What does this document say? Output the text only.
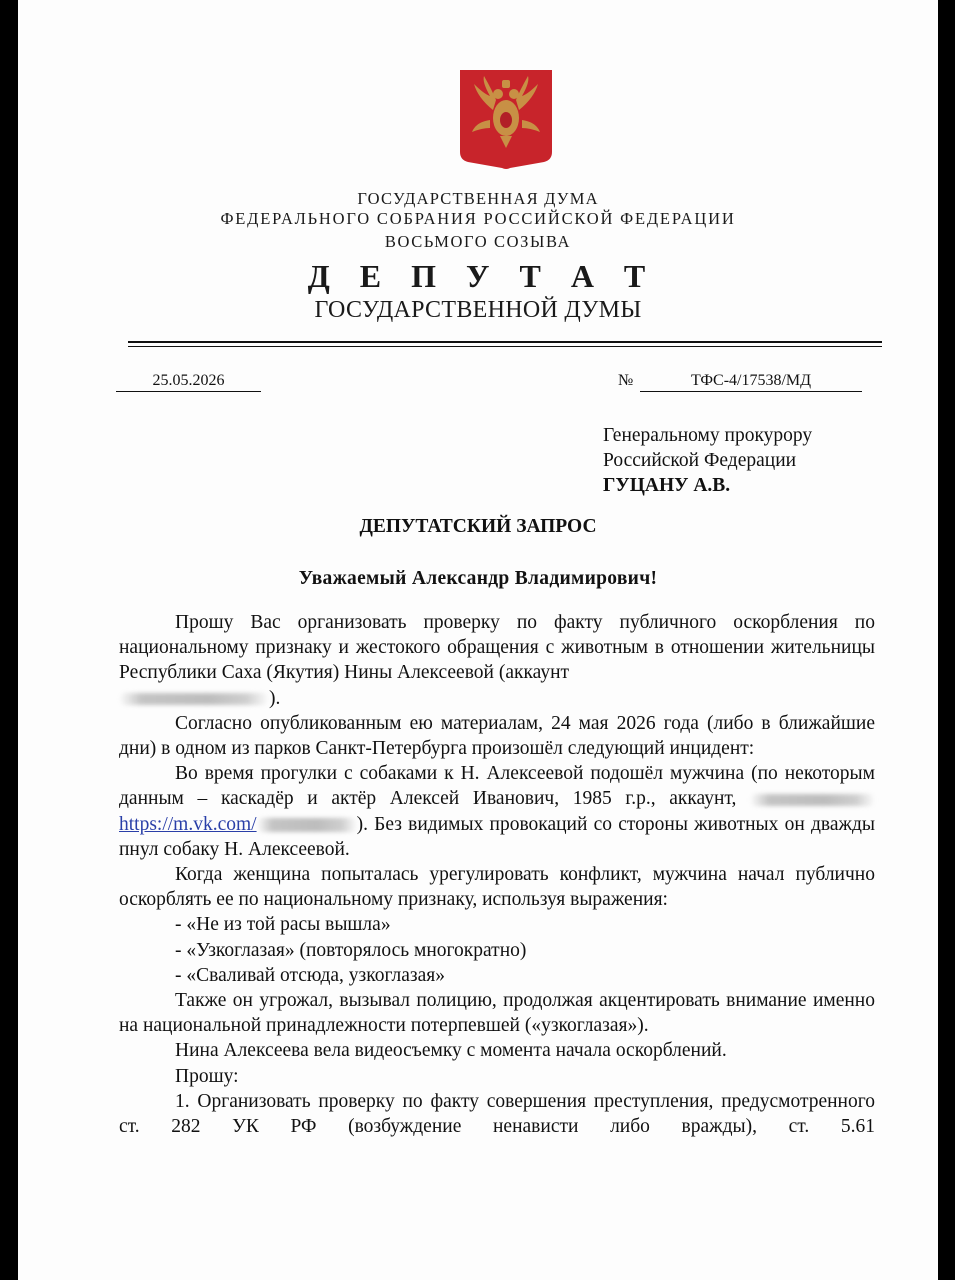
ГОСУДАРСТВЕННАЯ ДУМА
ФЕДЕРАЛЬНОГО СОБРАНИЯ РОССИЙСКОЙ ФЕДЕРАЦИИ
ВОСЬМОГО СОЗЫВА
Д Е П У Т А Т
ГОСУДАРСТВЕННОЙ ДУМЫ
25.05.2026	№	ТФС-4/17538/МД
Генеральному прокурору
Российской Федерации
ГУЦАНУ А.В.
ДЕПУТАТСКИЙ ЗАПРОС
Уважаемый Александр Владимирович!

Прошу Вас организовать проверку по факту публичного оскорбления по национальному признаку и жестокого обращения с животным в отношении жительницы Республики Саха (Якутия) Нины Алексеевой (аккаунт
).

Согласно опубликованным ею материалам, 24 мая 2026 года (либо в ближайшие дни) в одном из парков Санкт-Петербурга произошёл следующий инцидент:

Во время прогулки с собаками к Н. Алексеевой подошёл мужчина (по некоторым данным – каскадёр и актёр Алексей Иванович, 1985 г.р., аккаунт,  https://m.vk.com/	). Без видимых провокаций со стороны животных он дважды пнул собаку Н. Алексеевой.

Когда женщина попыталась урегулировать конфликт, мужчина начал публично оскорблять ее по национальному признаку, используя выражения:

- «Не из той расы вышла»

- «Узкоглазая» (повторялось многократно)

- «Сваливай отсюда, узкоглазая»

Также он угрожал, вызывал полицию, продолжая акцентировать внимание именно на национальной принадлежности потерпевшей («узкоглазая»).

Нина Алексеева вела видеосъемку с момента начала оскорблений.

Прошу:

1. Организовать проверку по факту совершения преступления, предусмотренного ст. 282 УК РФ (возбуждение ненависти либо вражды), ст. 5.61
